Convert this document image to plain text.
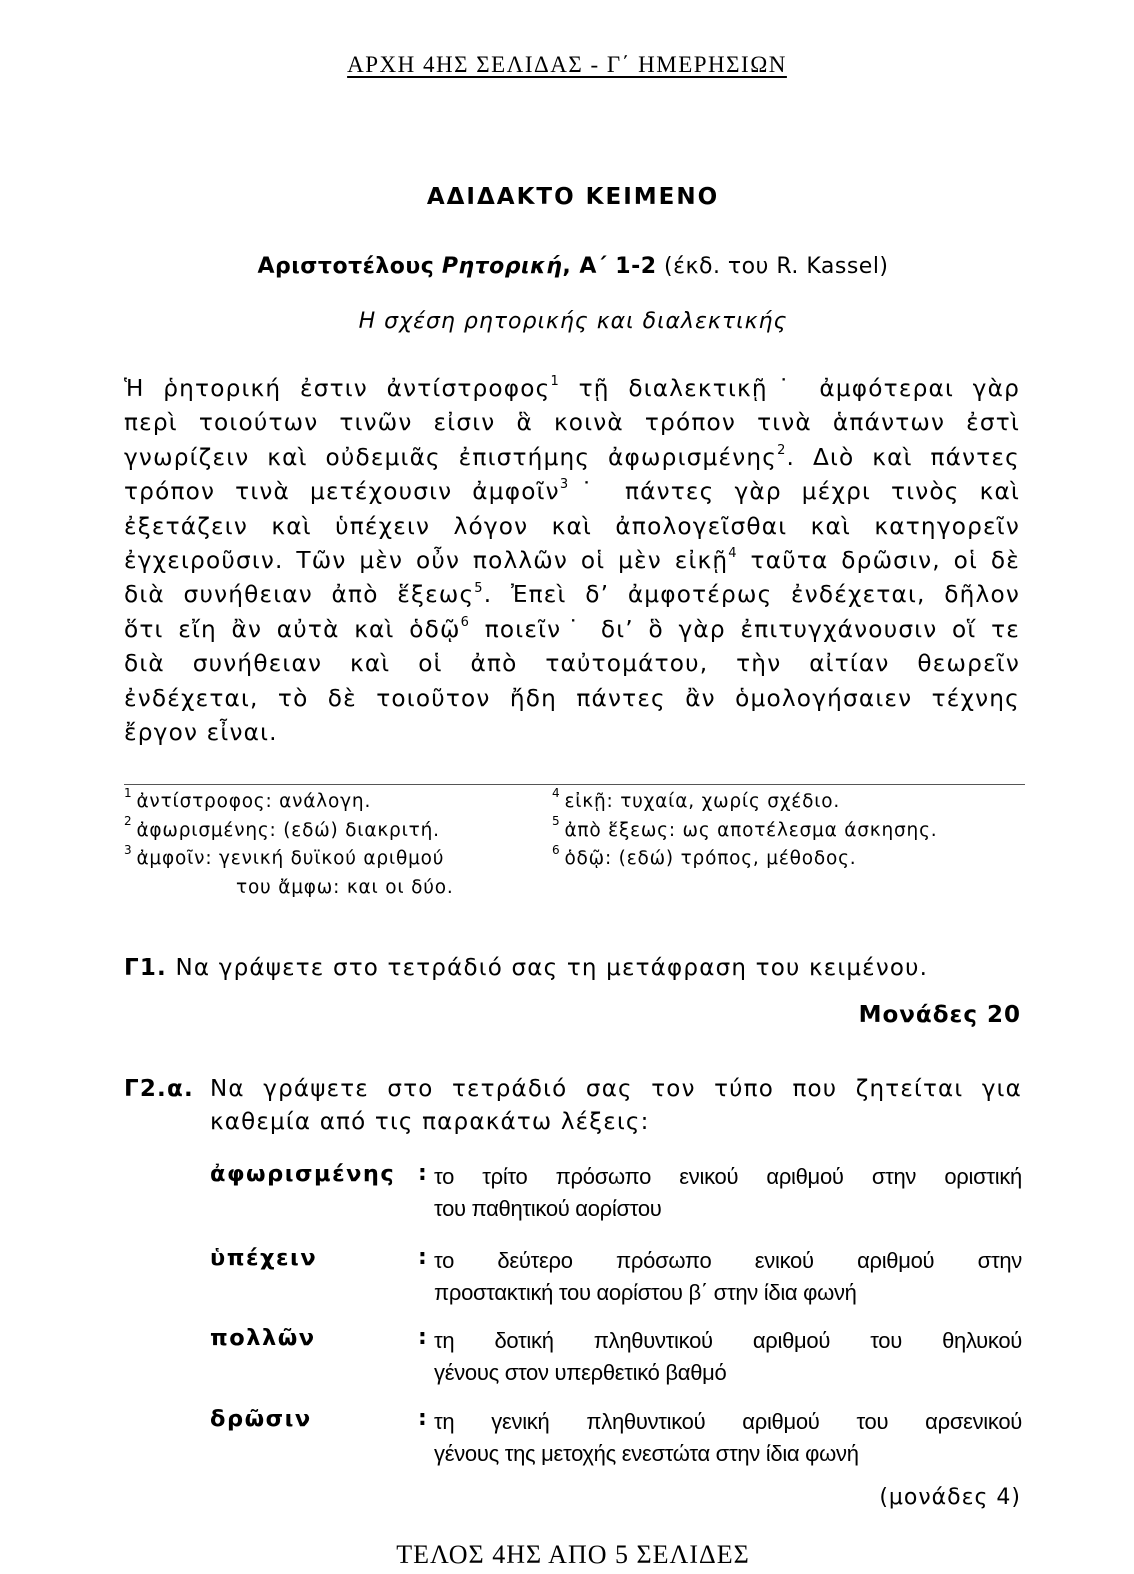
ΑΡΧΗ 4ΗΣ ΣΕΛΙΔΑΣ - Γ΄ ΗΜΕΡΗΣΙΩΝ
ΑΔΙΔΑΚΤΟ ΚΕΙΜΕΝΟ
Αριστοτέλους Ρητορική, Α΄ 1-2 (έκδ. του R. Kassel)
Η σχέση ρητορικής και διαλεκτικής
Ἡ ῥητορική ἐστιν ἀντίστροφος$^1$ τῇ διαλεκτικῇ˙ ἀμφότεραι γὰρ
περὶ τοιούτων τινῶν εἰσιν ἃ κοινὰ τρόπον τινὰ ἁπάντων ἐστὶ
γνωρίζειν καὶ οὐδεμιᾶς ἐπιστήμης ἀφωρισμένης$^2$. Διὸ καὶ πάντες
τρόπον τινὰ μετέχουσιν ἀμφοῖν$^3$˙ πάντες γὰρ μέχρι τινὸς καὶ
ἐξετάζειν καὶ ὑπέχειν λόγον καὶ ἀπολογεῖσθαι καὶ κατηγορεῖν
ἐγχειροῦσιν. Τῶν μὲν οὖν πολλῶν οἱ μὲν εἰκῇ$^4$ ταῦτα δρῶσιν, οἱ δὲ
διὰ συνήθειαν ἀπὸ ἕξεως$^5$. Ἐπεὶ δ’ ἀμφοτέρως ἐνδέχεται, δῆλον
ὅτι εἴη ἂν αὐτὰ καὶ ὁδῷ$^6$ ποιεῖν˙ δι’ ὃ γὰρ ἐπιτυγχάνουσιν οἵ τε
διὰ συνήθειαν καὶ οἱ ἀπὸ ταὐτομάτου, τὴν αἰτίαν θεωρεῖν
ἐνδέχεται, τὸ δὲ τοιοῦτον ἤδη πάντες ἂν ὁμολογήσαιεν τέχνης
ἔργον εἶναι.
$^1$ ἀντίστροφος: ανάλογη.
$^2$ ἀφωρισμένης: (εδώ) διακριτή.
$^3$ ἀμφοῖν: γενική δυϊκού αριθμού
του ἄμφω: και οι δύο.
$^4$ εἰκῇ: τυχαία, χωρίς σχέδιο.
$^5$ ἀπὸ ἕξεως: ως αποτέλεσμα άσκησης.
$^6$ ὁδῷ: (εδώ) τρόπος, μέθοδος.
Γ1. Να γράψετε στο τετράδιό σας τη μετάφραση του κειμένου.
Μονάδες 20
Γ2.α. Να γράψετε στο τετράδιό σας τον τύπο που ζητείται για
καθεμία από τις παρακάτω λέξεις:
ἀφωρισμένης : το τρίτο πρόσωπο ενικού αριθμού στην οριστική
του παθητικού αορίστου
ὑπέχειν	: το δεύτερο πρόσωπο ενικού αριθμού στην
προστακτική του αορίστου β΄ στην ίδια φωνή
πολλῶν	: τη δοτική πληθυντικού αριθμού του θηλυκού
γένους στον υπερθετικό βαθμό
δρῶσιν	: τη γενική πληθυντικού αριθμού του αρσενικού
γένους της μετοχής ενεστώτα στην ίδια φωνή
(μονάδες 4)
ΤΕΛΟΣ 4ΗΣ ΑΠΟ 5 ΣΕΛΙΔΕΣ
